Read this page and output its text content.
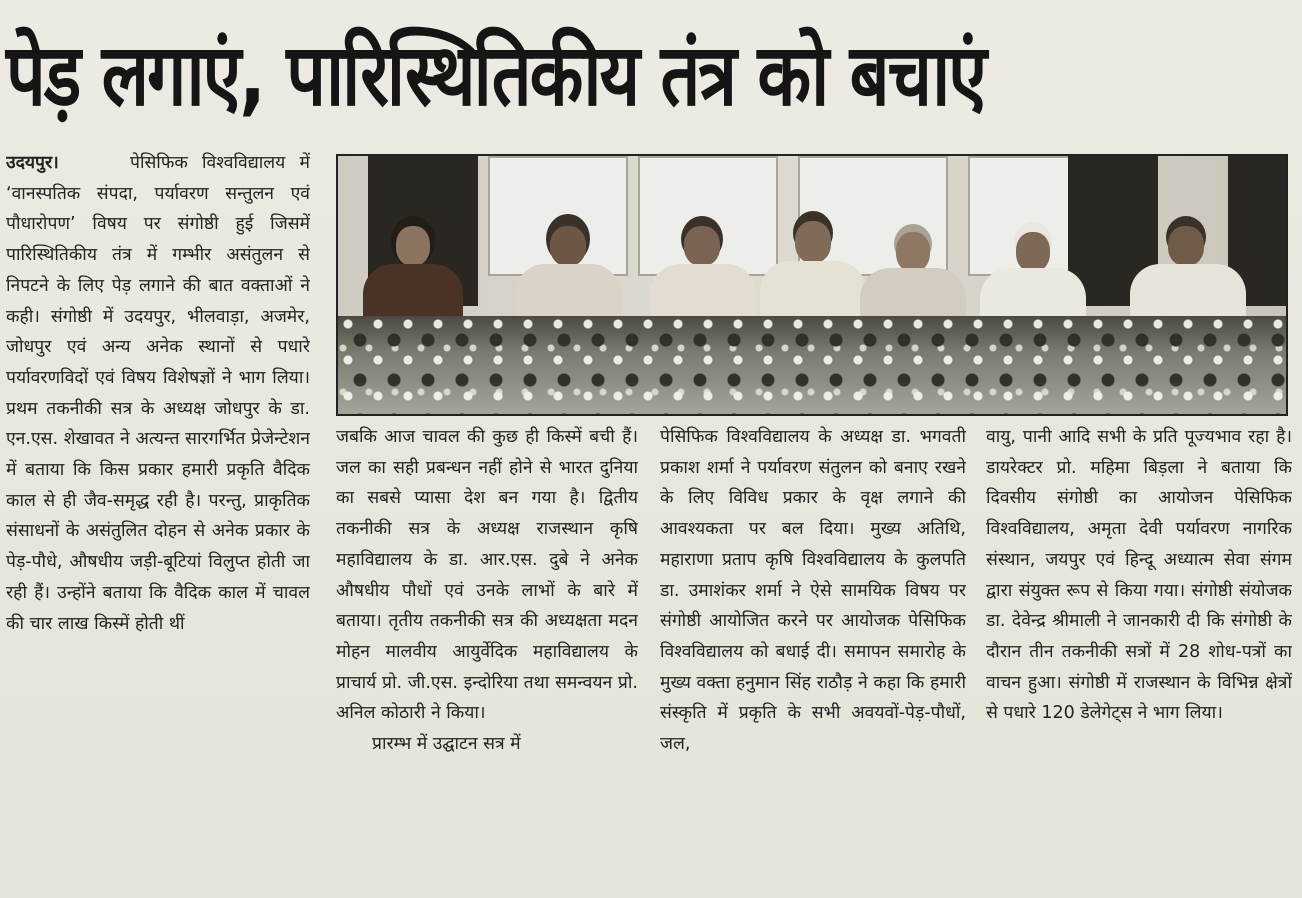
पेड़ लगाएं, पारिस्थितिकीय तंत्र को बचाएं

उदयपुर।	पेसिफिक विश्वविद्यालय में ‘वानस्पतिक संपदा, पर्यावरण सन्तुलन एवं पौधारोपण’ विषय पर संगोष्ठी हुई जिसमें पारिस्थितिकीय तंत्र में गम्भीर असंतुलन से निपटने के लिए पेड़ लगाने की बात वक्ताओं ने कही। संगोष्ठी में उदयपुर, भीलवाड़ा, अजमेर, जोधपुर एवं अन्य अनेक स्थानों से पधारे पर्यावरणविदों एवं विषय विशेषज्ञों ने भाग लिया। प्रथम तकनीकी सत्र के अध्यक्ष जोधपुर के डा. एन.एस. शेखावत ने अत्यन्त सारगर्भित प्रेजेन्टेशन में बताया कि किस प्रकार हमारी प्रकृति वैदिक काल से ही जैव-समृद्ध रही है। परन्तु, प्राकृतिक संसाधनों के असंतुलित दोहन से अनेक प्रकार के पेड़-पौधे, औषधीय जड़ी-बूटियां विलुप्त होती जा रही हैं। उन्होंने बताया कि वैदिक काल में चावल की चार लाख किस्में होती थीं

जबकि आज चावल की कुछ ही किस्में बची हैं। जल का सही प्रबन्धन नहीं होने से भारत दुनिया का सबसे प्यासा देश बन गया है। द्वितीय तकनीकी सत्र के अध्यक्ष राजस्थान कृषि महाविद्यालय के डा. आर.एस. दुबे ने अनेक औषधीय पौधों एवं उनके लाभों के बारे में बताया। तृतीय तकनीकी सत्र की अध्यक्षता मदन मोहन मालवीय आयुर्वेदिक महाविद्यालय के प्राचार्य प्रो. जी.एस. इन्दोरिया तथा समन्वयन प्रो. अनिल कोठारी ने किया।

प्रारम्भ में उद्घाटन सत्र में

पेसिफिक विश्वविद्यालय के अध्यक्ष डा. भगवती प्रकाश शर्मा ने पर्यावरण संतुलन को बनाए रखने के लिए विविध प्रकार के वृक्ष लगाने की आवश्यकता पर बल दिया। मुख्य अतिथि, महाराणा प्रताप कृषि विश्वविद्यालय के कुलपति डा. उमाशंकर शर्मा ने ऐसे सामयिक विषय पर संगोष्ठी आयोजित करने पर आयोजक पेसिफिक विश्वविद्यालय को बधाई दी। समापन समारोह के मुख्य वक्ता हनुमान सिंह राठौड़ ने कहा कि हमारी संस्कृति में प्रकृति के सभी अवयवों-पेड़-पौधों, जल,

वायु, पानी आदि सभी के प्रति पूज्यभाव रहा है। डायरेक्टर प्रो. महिमा बिड़ला ने बताया कि दिवसीय संगोष्ठी का आयोजन पेसिफिक विश्वविद्यालय, अमृता देवी पर्यावरण नागरिक संस्थान, जयपुर एवं हिन्दू अध्यात्म सेवा संगम द्वारा संयुक्त रूप से किया गया। संगोष्ठी संयोजक डा. देवेन्द्र श्रीमाली ने जानकारी दी कि संगोष्ठी के दौरान तीन तकनीकी सत्रों में 28 शोध-पत्रों का वाचन हुआ। संगोष्ठी में राजस्थान के विभिन्न क्षेत्रों से पधारे 120 डेलेगेट्स ने भाग लिया।
